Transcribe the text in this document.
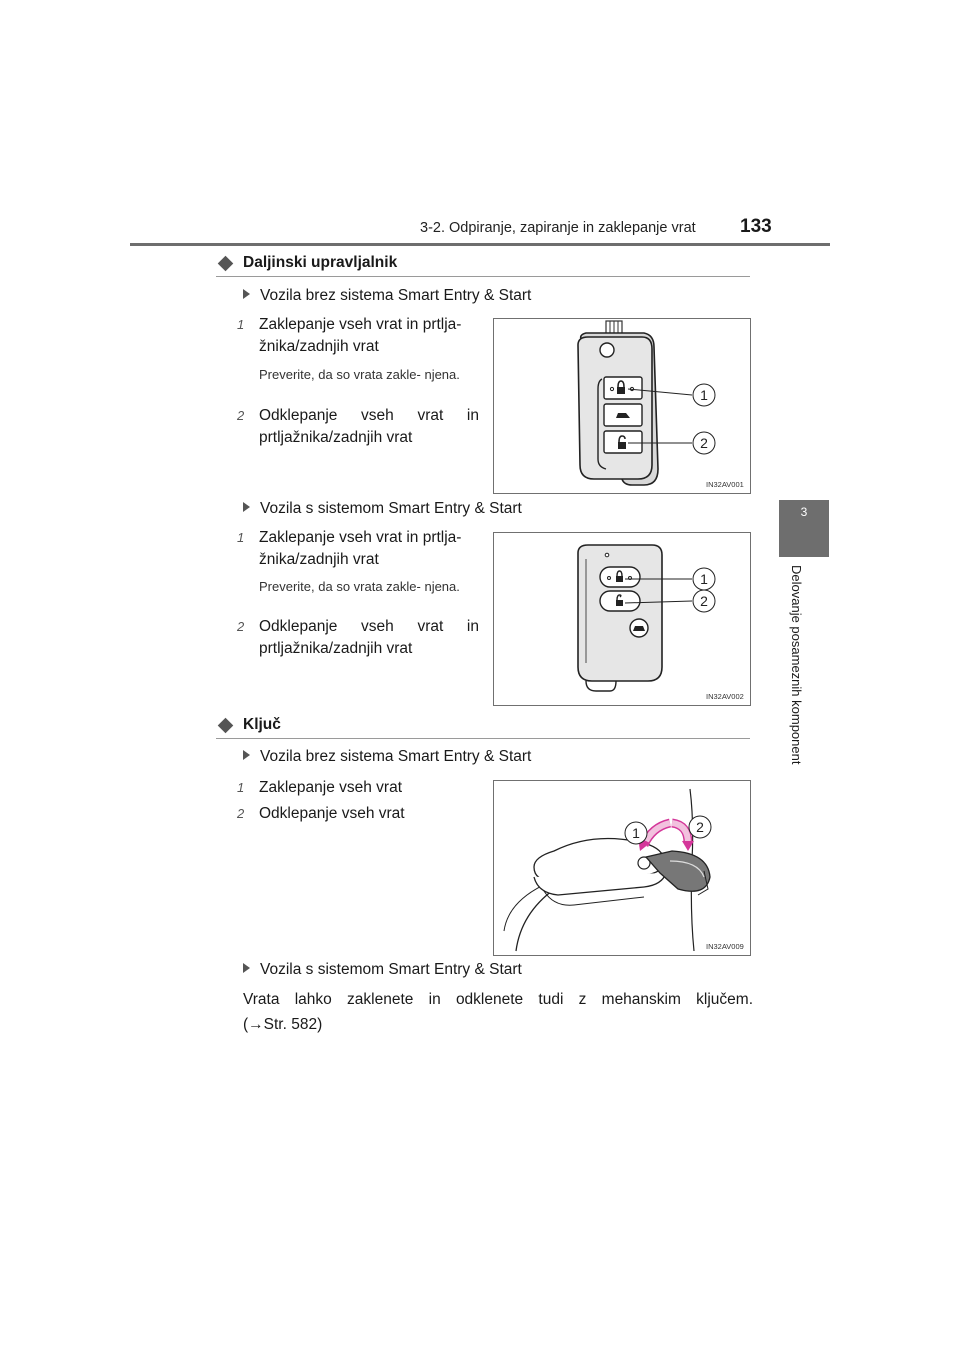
3-2. Odpiranje, zapiranje in zaklepanje vrat 133
3
Delovanje posameznih komponent
Daljinski upravljalnik
Vozila brez sistema Smart Entry & Start
1 Zaklepanje vseh vrat in prtlja-
žnika/zadnjih vrat
Preverite, da so vrata zakle- njena.
2 Odklepanje vseh vrat in
prtljažnika/zadnjih vrat
1
2
IN32AV001
Vozila s sistemom Smart Entry & Start
1 Zaklepanje vseh vrat in prtlja-
žnika/zadnjih vrat
Preverite, da so vrata zakle- njena.
2 Odklepanje vseh vrat in
prtljažnika/zadnjih vrat
1
2
IN32AV002
Ključ
Vozila brez sistema Smart Entry & Start
1 Zaklepanje vseh vrat
2 Odklepanje vseh vrat
1	2
IN32AV009
Vozila s sistemom Smart Entry & Start
Vrata lahko zaklenete in odklenete tudi z mehanskim ključem.
(→Str. 582)
